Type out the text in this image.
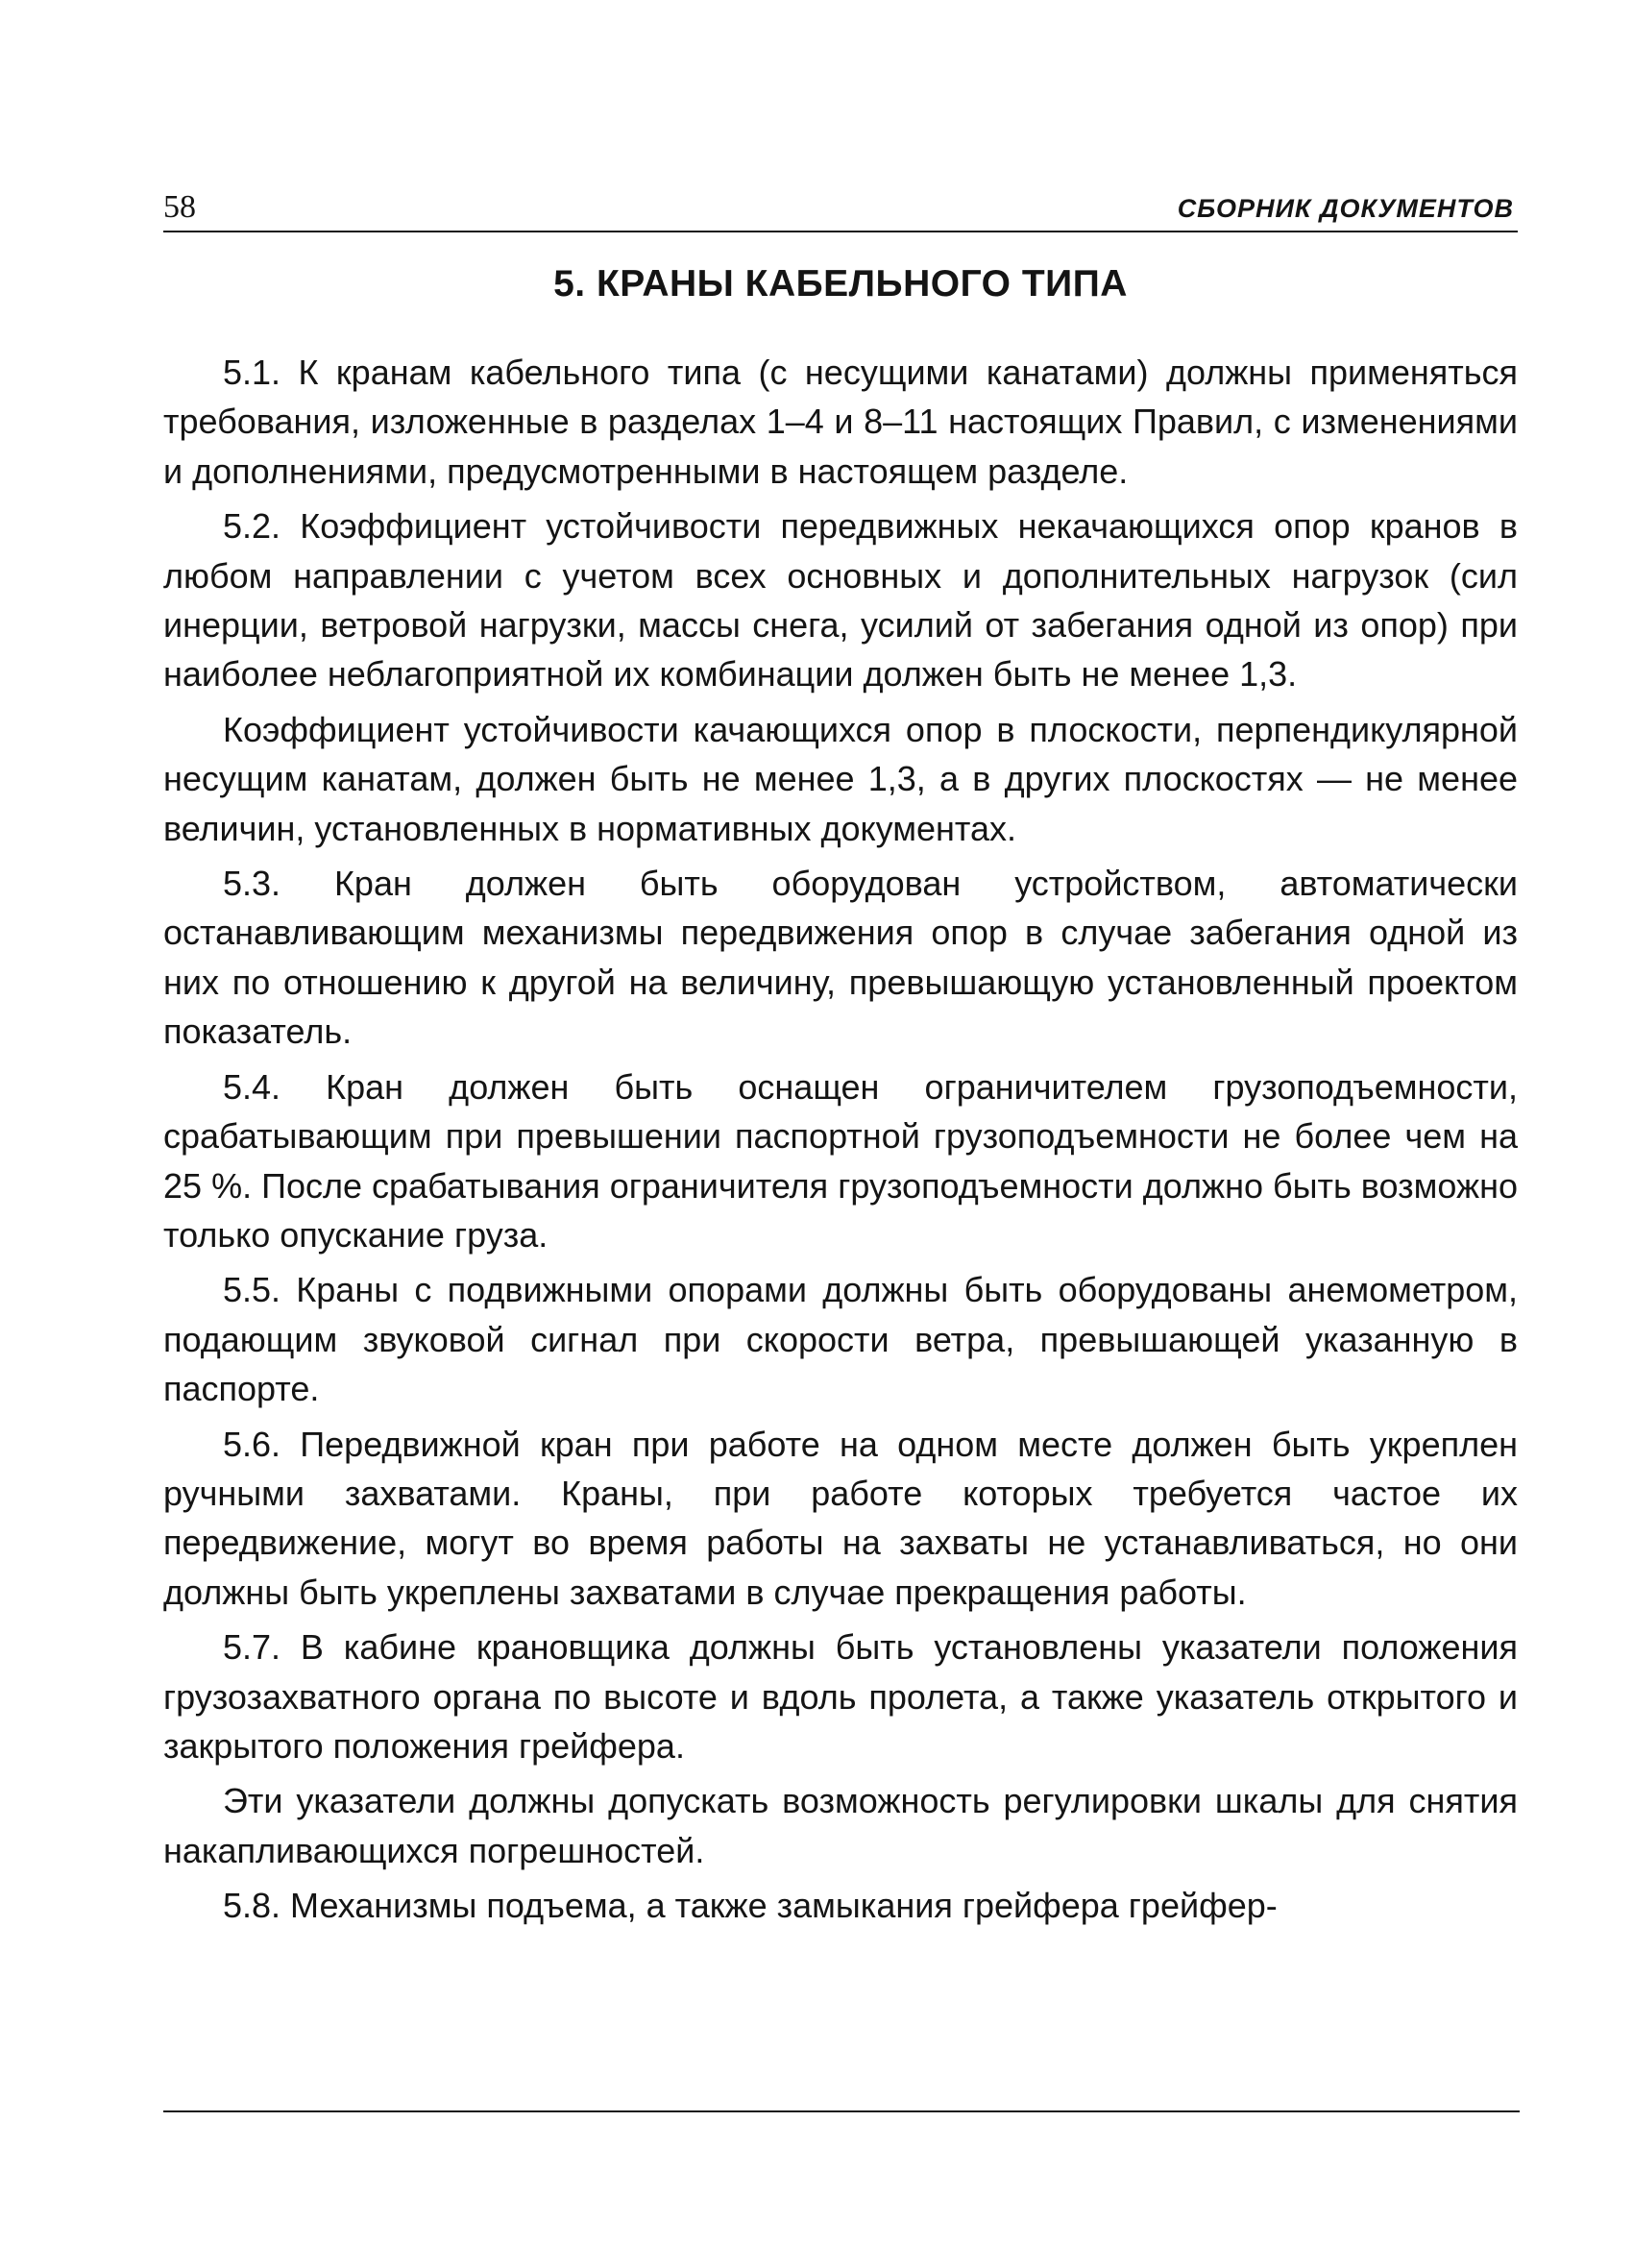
58	СБОРНИК ДОКУМЕНТОВ
5. КРАНЫ КАБЕЛЬНОГО ТИПА

5.1. К кранам кабельного типа (с несущими канатами) должны применяться требования, изложенные в разделах 1–4 и 8–11 настоящих Правил, с изменениями и дополнениями, предусмотренными в настоящем разделе.

5.2. Коэффициент устойчивости передвижных некачающихся опор кранов в любом направлении с учетом всех основных и дополнительных нагрузок (сил инерции, ветровой нагрузки, массы снега, усилий от забегания одной из опор) при наиболее неблагоприятной их комбинации должен быть не менее 1,3.

Коэффициент устойчивости качающихся опор в плоскости, перпендикулярной несущим канатам, должен быть не менее 1,3, а в других плоскостях — не менее величин, установленных в нормативных документах.

5.3. Кран должен быть оборудован устройством, автоматически останавливающим механизмы передвижения опор в случае забегания одной из них по отношению к другой на величину, превышающую установленный проектом показатель.

5.4. Кран должен быть оснащен ограничителем грузоподъемности, срабатывающим при превышении паспортной грузоподъемности не более чем на 25 %. После срабатывания ограничителя грузоподъемности должно быть возможно только опускание груза.

5.5. Краны с подвижными опорами должны быть оборудованы анемометром, подающим звуковой сигнал при скорости ветра, превышающей указанную в паспорте.

5.6. Передвижной кран при работе на одном месте должен быть укреплен ручными захватами. Краны, при работе которых требуется частое их передвижение, могут во время работы на захваты не устанавливаться, но они должны быть укреплены захватами в случае прекращения работы.

5.7. В кабине крановщика должны быть установлены указатели положения грузозахватного органа по высоте и вдоль пролета, а также указатель открытого и закрытого положения грейфера.

Эти указатели должны допускать возможность регулировки шкалы для снятия накапливающихся погрешностей.

5.8. Механизмы подъема, а также замыкания грейфера грейфер-
